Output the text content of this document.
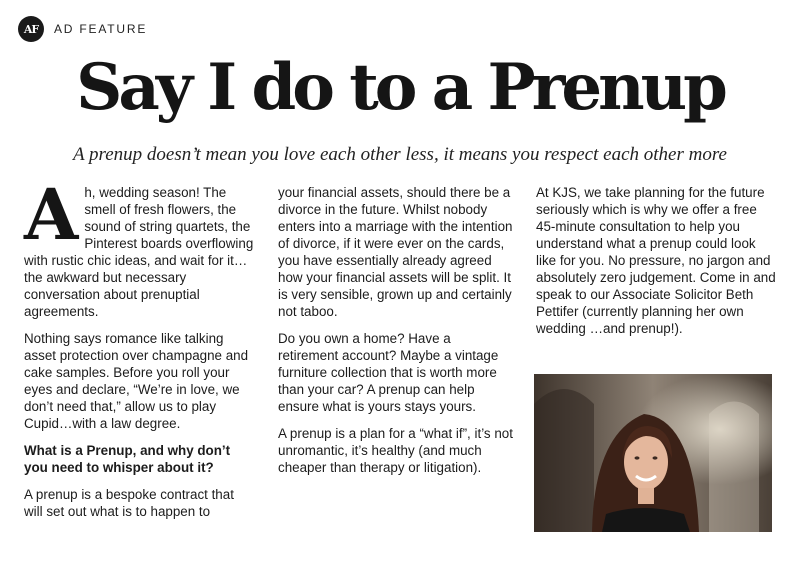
AF	AD FEATURE
Say I do to a Prenup

A prenup doesn’t mean you love each other less, it means you respect each other more

Ah, wedding season! The smell of fresh flowers, the sound of string quartets, the Pinterest boards overflowing with rustic chic ideas, and wait for it…the awkward but necessary conversation about prenuptial agreements.

Nothing says romance like talking asset protection over champagne and cake samples. Before you roll your eyes and declare, “We’re in love, we don’t need that,” allow us to play Cupid…with a law degree.

What is a Prenup, and why don’t you need to whisper about it?

A prenup is a bespoke contract that will set out what is to happen to

your financial assets, should there be a divorce in the future. Whilst nobody enters into a marriage with the intention of divorce, if it were ever on the cards, you have essentially already agreed how your financial assets will be split. It is very sensible, grown up and certainly not taboo.

Do you own a home? Have a retirement account? Maybe a vintage furniture collection that is worth more than your car? A prenup can help ensure what is yours stays yours.

A prenup is a plan for a “what if”, it’s not unromantic, it’s healthy (and much cheaper than therapy or litigation).

At KJS, we take planning for the future seriously which is why we offer a free 45-minute consultation to help you understand what a prenup could look like for you. No pressure, no jargon and absolutely zero judgement. Come in and speak to our Associate Solicitor Beth Pettifer (currently planning her own wedding …and prenup!).
